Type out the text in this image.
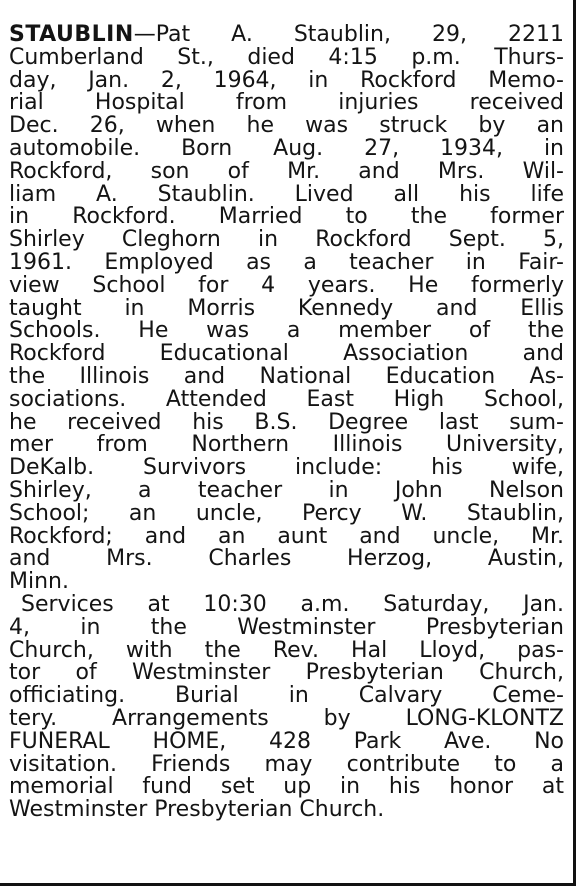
STAUBLIN—Pat A. Staublin, 29, 2211
Cumberland St., died 4:15 p.m. Thurs-
day, Jan. 2, 1964, in Rockford Memo-
rial Hospital from injuries received
Dec. 26, when he was struck by an
automobile. Born Aug. 27, 1934, in
Rockford, son of Mr. and Mrs. Wil-
liam A. Staublin. Lived all his life
in Rockford. Married to the former
Shirley Cleghorn in Rockford Sept. 5,
1961. Employed as a teacher in Fair-
view School for 4 years. He formerly
taught in Morris Kennedy and Ellis
Schools. He was a member of the
Rockford Educational Association and
the Illinois and National Education As-
sociations. Attended East High School,
he received his B.S. Degree last sum-
mer from Northern Illinois University,
DeKalb. Survivors include: his wife,
Shirley, a teacher in John Nelson
School; an uncle, Percy W. Staublin,
Rockford; and an aunt and uncle, Mr.
and Mrs. Charles Herzog, Austin,
Minn.
Services at 10:30 a.m. Saturday, Jan.
4, in the Westminster Presbyterian
Church, with the Rev. Hal Lloyd, pas-
tor of Westminster Presbyterian Church,
officiating. Burial in Calvary Ceme-
tery. Arrangements by LONG-KLONTZ
FUNERAL HOME, 428 Park Ave. No
visitation. Friends may contribute to a
memorial fund set up in his honor at
Westminster Presbyterian Church.
